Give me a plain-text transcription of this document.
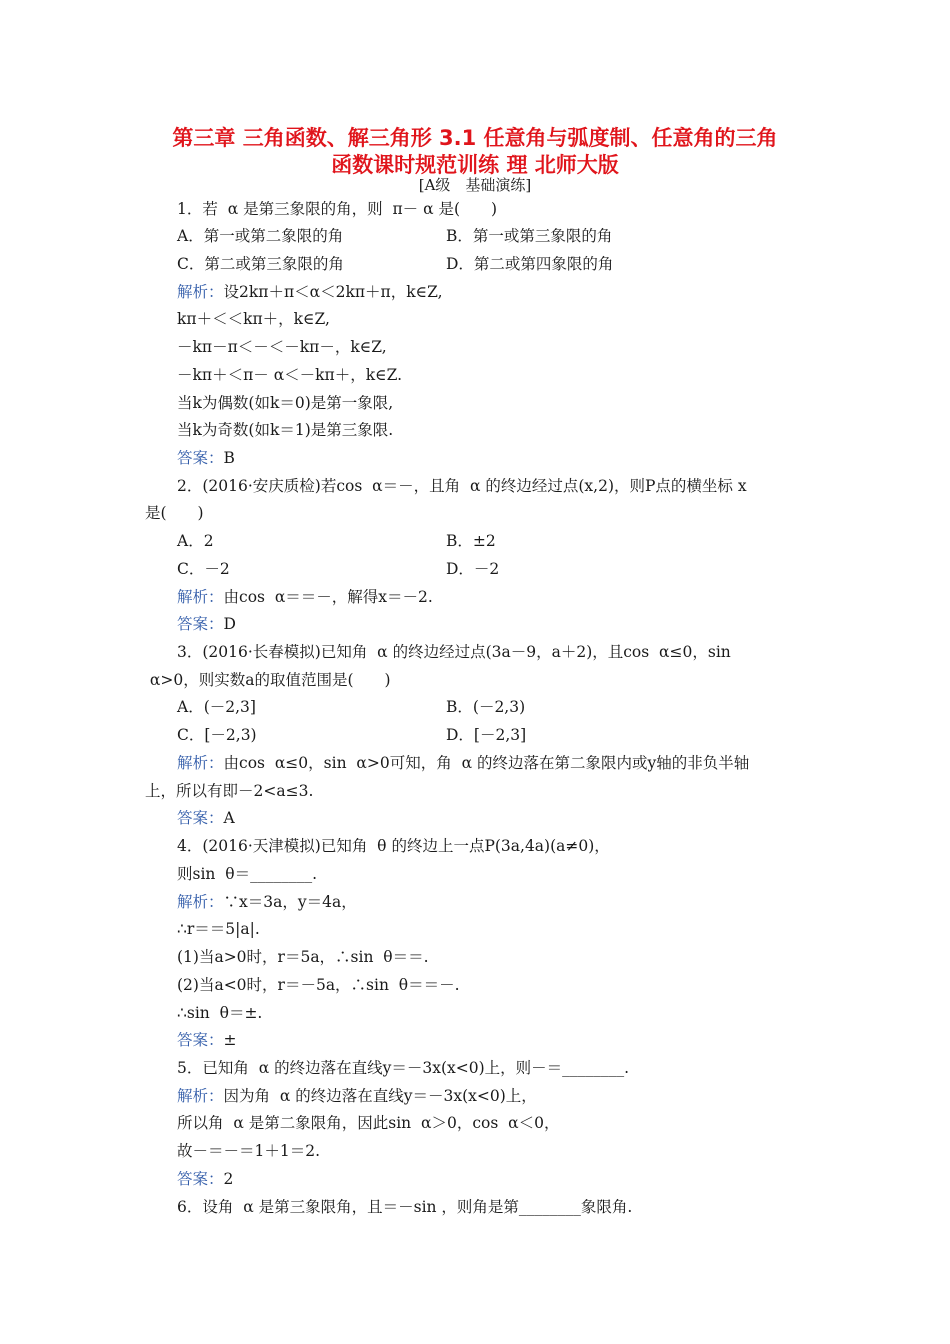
第三章 三角函数、解三角形 3.1 任意角与弧度制、任意角的三角
函数课时规范训练 理 北师大版
[A级　基础演练]
1．若  α 是第三象限的角，则  π－ α 是(　　)
A．第一或第二象限的角	B．第一或第三象限的角
C．第二或第三象限的角	D．第二或第四象限的角
解析：设2kπ＋π＜α＜2kπ＋π，k∈Z,
kπ＋＜＜kπ＋，k∈Z,
－kπ－π＜－＜－kπ－，k∈Z,
－kπ＋＜π－ α＜－kπ＋，k∈Z.
当k为偶数(如k＝0)是第一象限,
当k为奇数(如k＝1)是第三象限.
答案：B
2．(2016·安庆质检)若cos  α＝－，且角  α 的终边经过点(x,2)，则P点的横坐标 x
是(　　)
A．2	B．±2
C．－2	D．－2
解析：由cos  α＝＝－，解得x＝－2.
答案：D
3．(2016·长春模拟)已知角  α 的终边经过点(3a－9，a＋2)，且cos  α≤0，sin
α>0，则实数a的取值范围是(　　)
A．(－2,3]	B．(－2,3)
C．[－2,3)	D．[－2,3]
解析：由cos  α≤0，sin  α>0可知，角  α 的终边落在第二象限内或y轴的非负半轴
上，所以有即－2<a≤3.
答案：A
4．(2016·天津模拟)已知角  θ 的终边上一点P(3a,4a)(a≠0)，
则sin  θ＝________.
解析：∵x＝3a，y＝4a，
∴r＝＝5|a|.
(1)当a>0时，r＝5a，∴sin  θ＝＝.
(2)当a<0时，r＝－5a，∴sin  θ＝＝－.
∴sin  θ＝±.
答案：±
5．已知角  α 的终边落在直线y＝－3x(x<0)上，则－＝________.
解析：因为角  α 的终边落在直线y＝－3x(x<0)上，
所以角  α 是第二象限角，因此sin  α＞0，cos  α＜0，
故－＝－＝1＋1＝2.
答案：2
6．设角  α 是第三象限角，且＝－sin ，则角是第________象限角.
